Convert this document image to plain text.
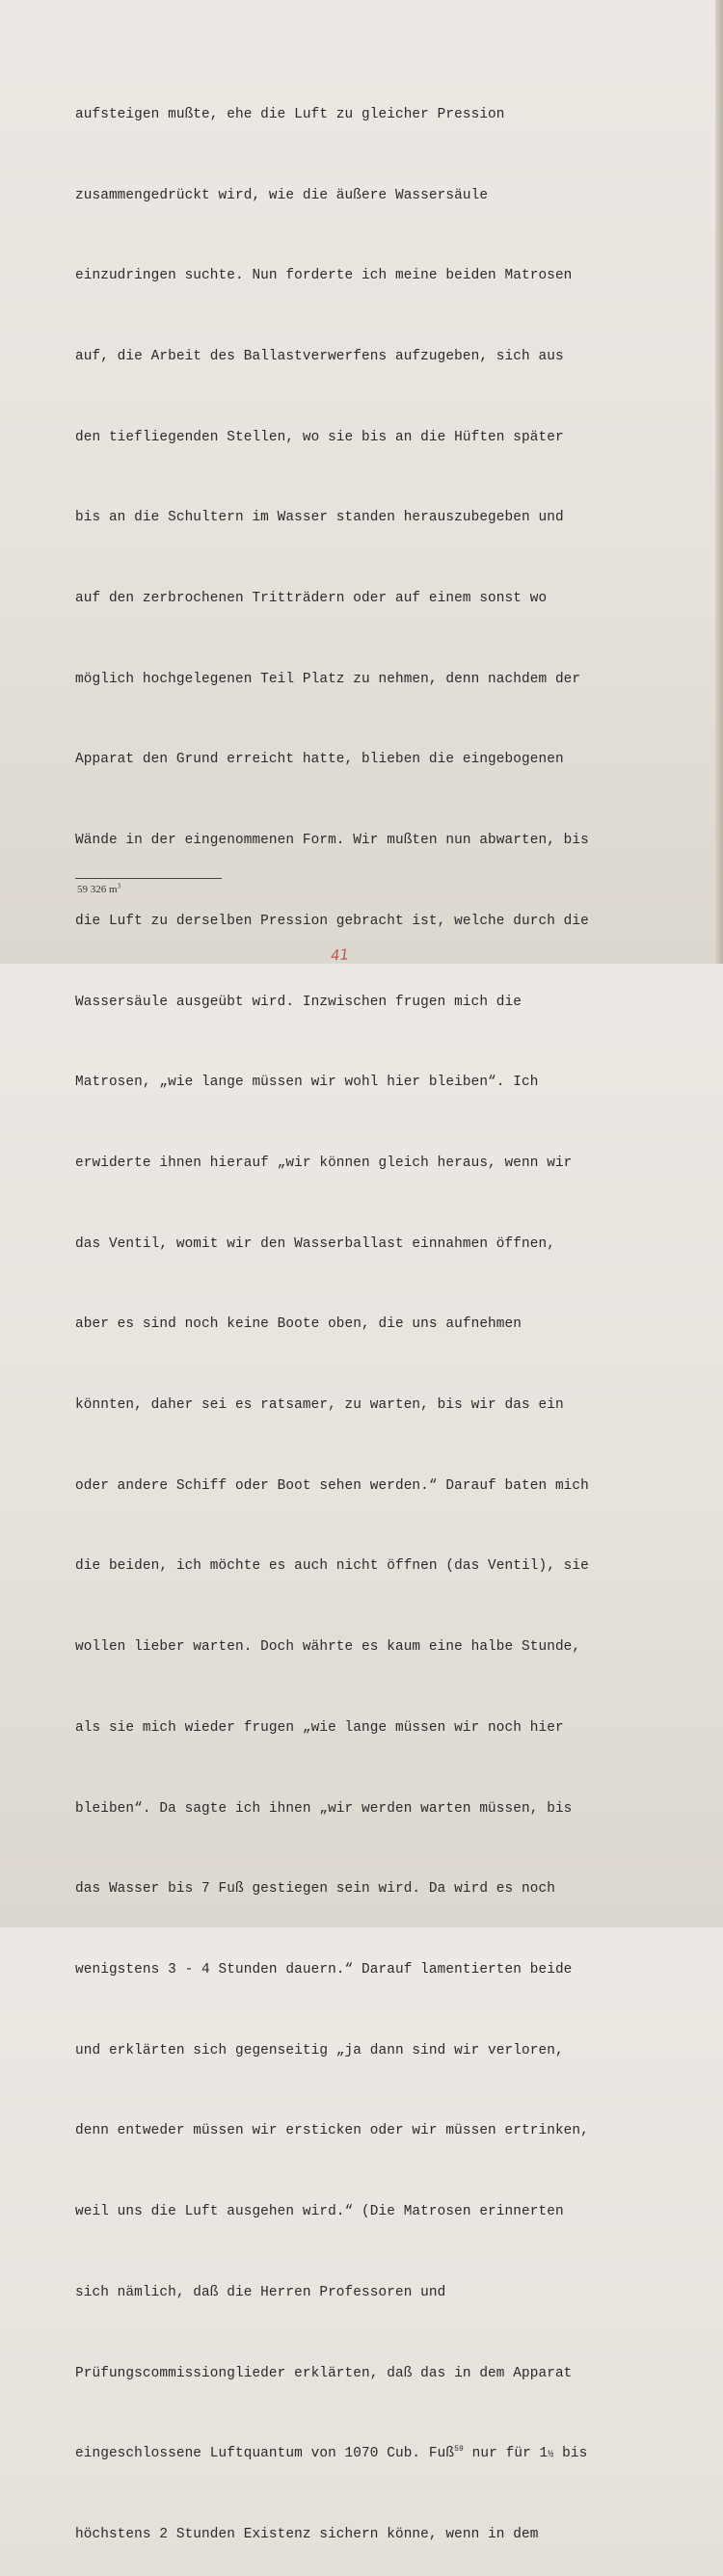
aufsteigen mußte, ehe die Luft zu gleicher Pression

zusammengedrückt wird, wie die äußere Wassersäule

einzudringen suchte. Nun forderte ich meine beiden Matrosen

auf, die Arbeit des Ballastverwerfens aufzugeben, sich aus

den tiefliegenden Stellen, wo sie bis an die Hüften später

bis an die Schultern im Wasser standen herauszubegeben und

auf den zerbrochenen Tritträdern oder auf einem sonst wo

möglich hochgelegenen Teil Platz zu nehmen, denn nachdem der

Apparat den Grund erreicht hatte, blieben die eingebogenen

Wände in der eingenommenen Form. Wir mußten nun abwarten, bis

die Luft zu derselben Pression gebracht ist, welche durch die

Wassersäule ausgeübt wird. Inzwischen frugen mich die

Matrosen, „wie lange müssen wir wohl hier bleiben“. Ich

erwiderte ihnen hierauf „wir können gleich heraus, wenn wir

das Ventil, womit wir den Wasserballast einnahmen öffnen,

aber es sind noch keine Boote oben, die uns aufnehmen

könnten, daher sei es ratsamer, zu warten, bis wir das ein

oder andere Schiff oder Boot sehen werden.“ Darauf baten mich

die beiden, ich möchte es auch nicht öffnen (das Ventil), sie

wollen lieber warten. Doch währte es kaum eine halbe Stunde,

als sie mich wieder frugen „wie lange müssen wir noch hier

bleiben“. Da sagte ich ihnen „wir werden warten müssen, bis

das Wasser bis 7 Fuß gestiegen sein wird. Da wird es noch

wenigstens 3 - 4 Stunden dauern.“ Darauf lamentierten beide

und erklärten sich gegenseitig „ja dann sind wir verloren,

denn entweder müssen wir ersticken oder wir müssen ertrinken,

weil uns die Luft ausgehen wird.“ (Die Matrosen erinnerten

sich nämlich, daß die Herren Professoren und

Prüfungscommissionglieder erklärten, daß das in dem Apparat

eingeschlossene Luftquantum von 1070 Cub. Fuß$^{59}$ nur für 1½ bis

höchstens 2 Stunden Existenz sichern könne, wenn in dem

59 326 $m^3$
41
